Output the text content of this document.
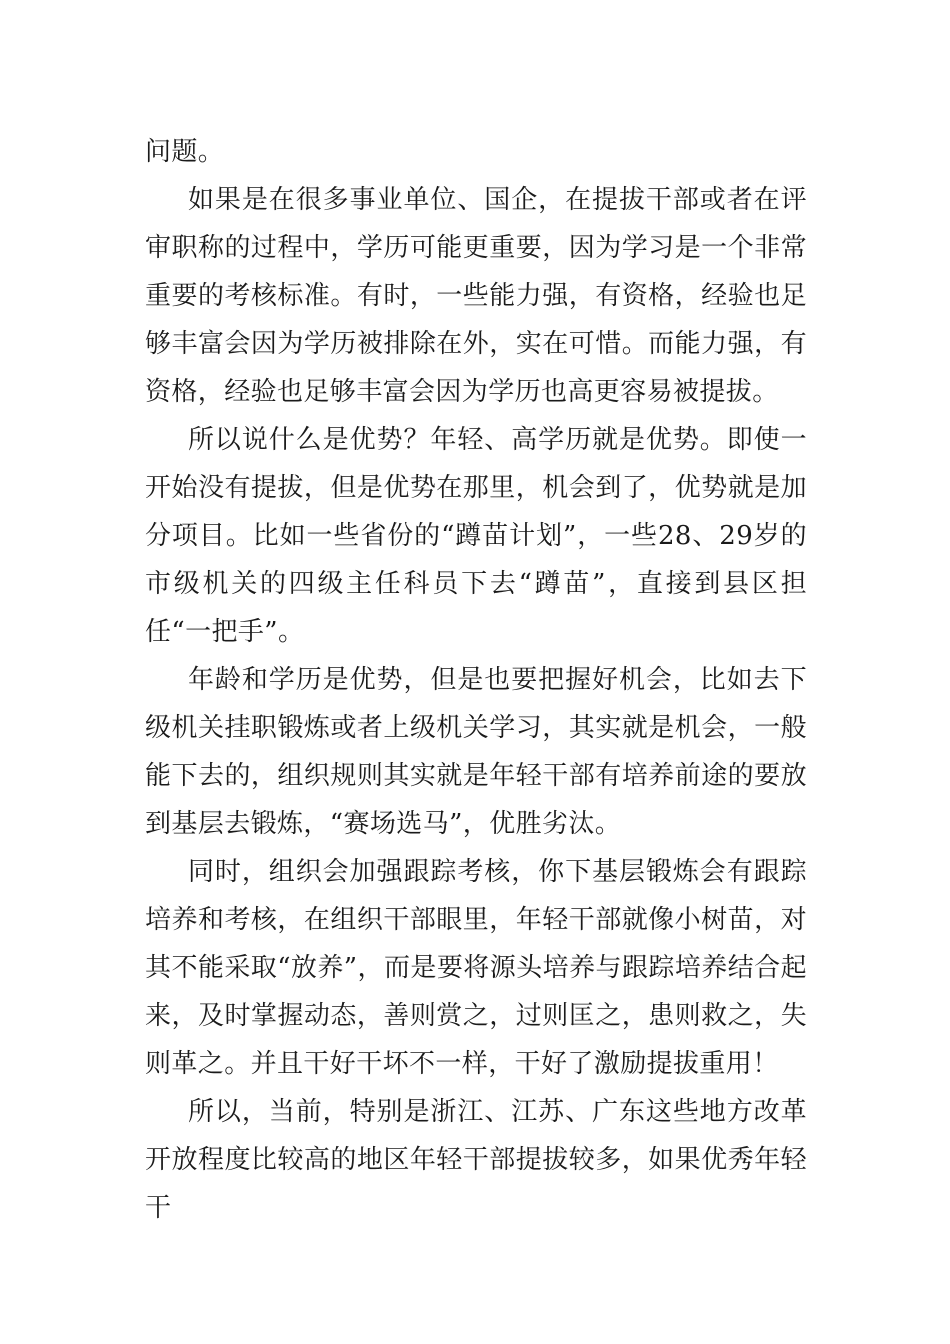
问题。

如果是在很多事业单位、国企，在提拔干部或者在评审职称的过程中，学历可能更重要，因为学习是一个非常重要的考核标准。有时，一些能力强，有资格，经验也足够丰富会因为学历被排除在外，实在可惜。而能力强，有资格，经验也足够丰富会因为学历也高更容易被提拔。

所以说什么是优势？年轻、高学历就是优势。即使一开始没有提拔，但是优势在那里，机会到了，优势就是加分项目。比如一些省份的“蹲苗计划”，一些28、29岁的市级机关的四级主任科员下去“蹲苗”，直接到县区担任“一把手”。

年龄和学历是优势，但是也要把握好机会，比如去下级机关挂职锻炼或者上级机关学习，其实就是机会，一般能下去的，组织规则其实就是年轻干部有培养前途的要放到基层去锻炼，“赛场选马”，优胜劣汰。

同时，组织会加强跟踪考核，你下基层锻炼会有跟踪培养和考核，在组织干部眼里，年轻干部就像小树苗，对其不能采取“放养”，而是要将源头培养与跟踪培养结合起来，及时掌握动态，善则赏之，过则匡之，患则救之，失则革之。并且干好干坏不一样，干好了激励提拔重用！

所以，当前，特别是浙江、江苏、广东这些地方改革开放程度比较高的地区年轻干部提拔较多，如果优秀年轻干
